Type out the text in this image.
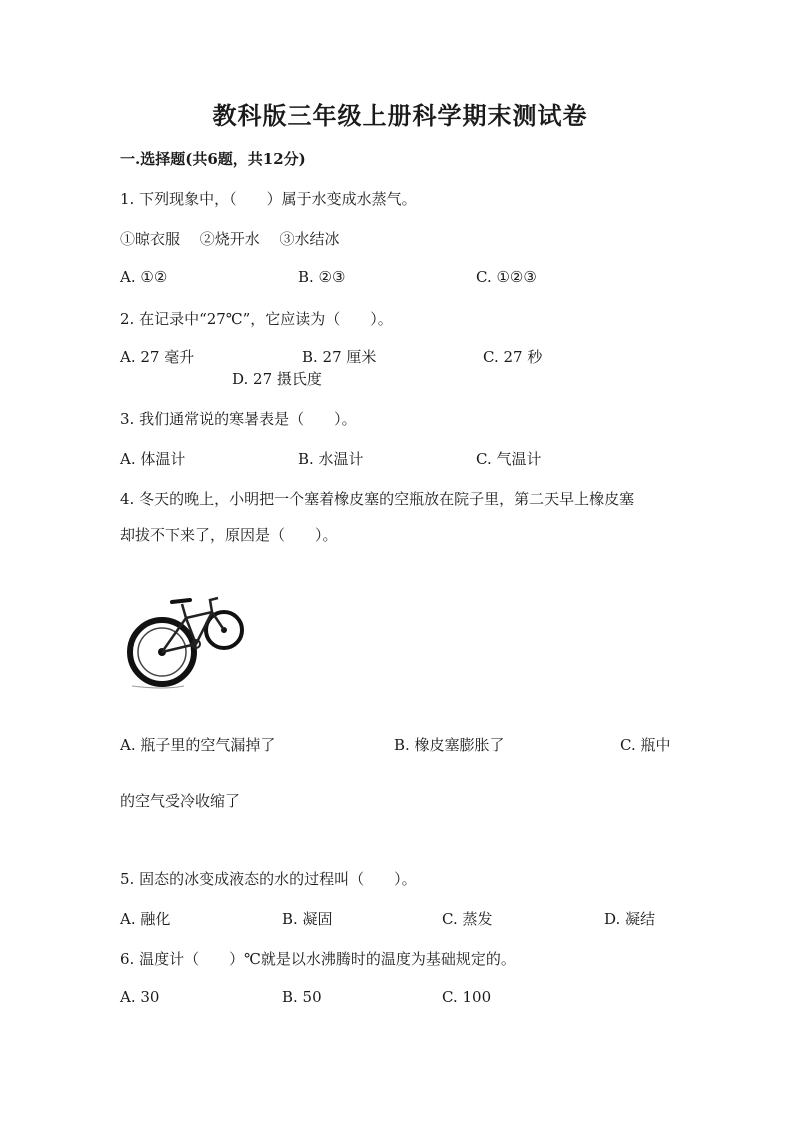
教科版三年级上册科学期末测试卷
一.选择题(共6题，共12分)
1. 下列现象中，（　　）属于水变成水蒸气。
①晾衣服　 ②烧开水　 ③水结冰
A. ①②	B. ②③	C. ①②③
2. 在记录中“27℃”，它应读为（　　）。
A. 27 毫升	B. 27 厘米	C. 27 秒
D. 27 摄氏度
3. 我们通常说的寒暑表是（　　）。
A. 体温计	B. 水温计	C. 气温计
4. 冬天的晚上，小明把一个塞着橡皮塞的空瓶放在院子里，第二天早上橡皮塞
却拔不下来了，原因是（　　）。
A. 瓶子里的空气漏掉了	B. 橡皮塞膨胀了	C. 瓶中
的空气受冷收缩了
5. 固态的冰变成液态的水的过程叫（　　）。
A. 融化	B. 凝固	C. 蒸发	D. 凝结
6. 温度计（　　）℃就是以水沸腾时的温度为基础规定的。
A. 30	B. 50	C. 100
